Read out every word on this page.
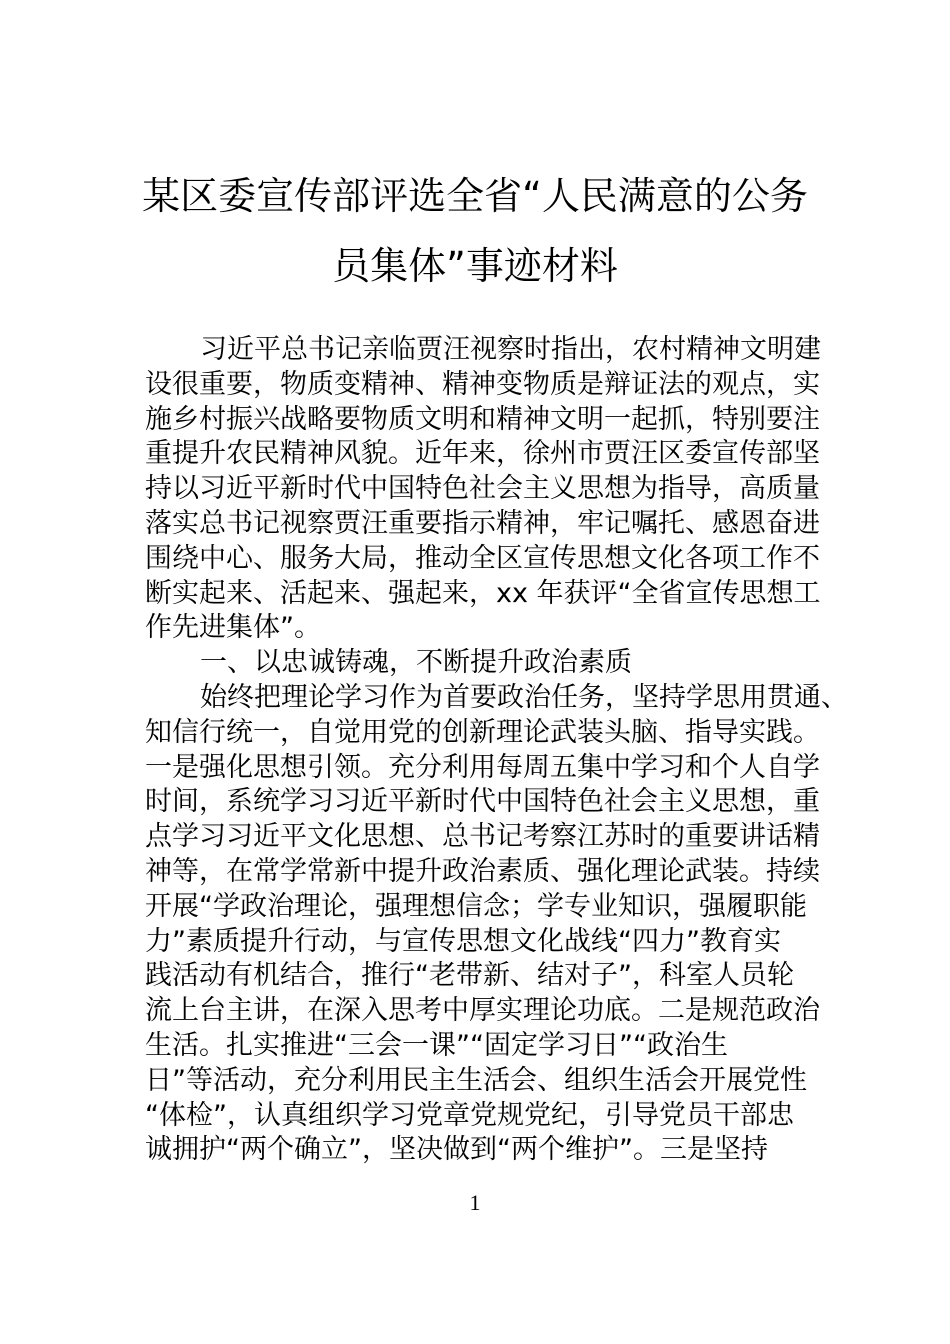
某区委宣传部评选全省“人民满意的公务
员集体”事迹材料
习近平总书记亲临贾汪视察时指出，农村精神文明建
设很重要，物质变精神、精神变物质是辩证法的观点，实
施乡村振兴战略要物质文明和精神文明一起抓，特别要注
重提升农民精神风貌。近年来，徐州市贾汪区委宣传部坚
持以习近平新时代中国特色社会主义思想为指导，高质量
落实总书记视察贾汪重要指示精神，牢记嘱托、感恩奋进
围绕中心、服务大局，推动全区宣传思想文化各项工作不
断实起来、活起来、强起来，xx 年获评“全省宣传思想工
作先进集体”。
一、以忠诚铸魂，不断提升政治素质
始终把理论学习作为首要政治任务，坚持学思用贯通、
知信行统一，自觉用党的创新理论武装头脑、指导实践。
一是强化思想引领。充分利用每周五集中学习和个人自学
时间，系统学习习近平新时代中国特色社会主义思想，重
点学习习近平文化思想、总书记考察江苏时的重要讲话精
神等，在常学常新中提升政治素质、强化理论武装。持续
开展“学政治理论，强理想信念；学专业知识，强履职能
力”素质提升行动，与宣传思想文化战线“四力”教育实
践活动有机结合，推行“老带新、结对子”，科室人员轮
流上台主讲，在深入思考中厚实理论功底。二是规范政治
生活。扎实推进“三会一课”“固定学习日”“政治生
日”等活动，充分利用民主生活会、组织生活会开展党性
“体检”，认真组织学习党章党规党纪，引导党员干部忠
诚拥护“两个确立”，坚决做到“两个维护”。三是坚持
1
